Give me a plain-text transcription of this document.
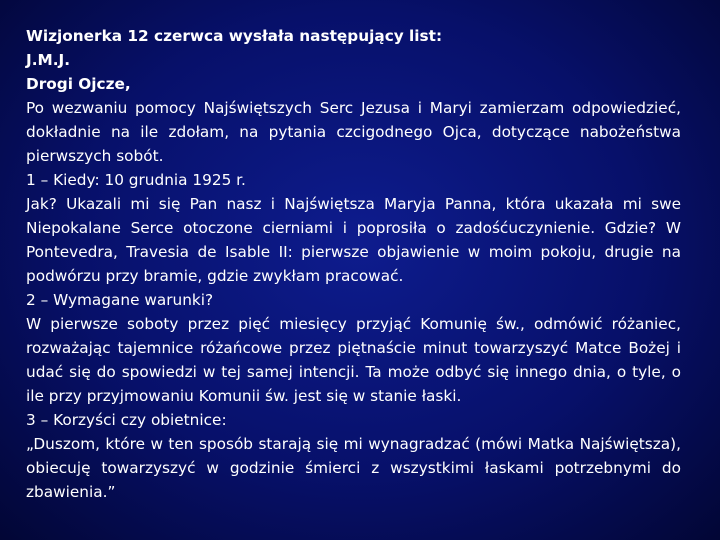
Wizjonerka 12 czerwca wysłała następujący list:

J.M.J.

Drogi Ojcze,

Po wezwaniu pomocy Najświętszych Serc Jezusa i Maryi zamierzam odpowiedzieć, dokładnie na ile zdołam, na pytania czcigodnego Ojca, dotyczące nabożeństwa pierwszych sobót.

1 – Kiedy: 10 grudnia 1925 r.

Jak? Ukazali mi się Pan nasz i Najświętsza Maryja Panna, która ukazała mi swe Niepokalane Serce otoczone cierniami i poprosiła o zadośćuczynienie. Gdzie? W Pontevedra, Travesia de Isable II: pierwsze objawienie w moim pokoju, drugie na podwórzu przy bramie, gdzie zwykłam pracować.

2 – Wymagane warunki?

W pierwsze soboty przez pięć miesięcy przyjąć Komunię św., odmówić różaniec, rozważając tajemnice różańcowe przez piętnaście minut towarzyszyć Matce Bożej i udać się do spowiedzi w tej samej intencji. Ta może odbyć się innego dnia, o tyle, o ile przy przyjmowaniu Komunii św. jest się w stanie łaski.

3 – Korzyści czy obietnice:

„Duszom, które w ten sposób starają się mi wynagradzać (mówi Matka Najświętsza), obiecuję towarzyszyć w godzinie śmierci z wszystkimi łaskami potrzebnymi do zbawienia.”
